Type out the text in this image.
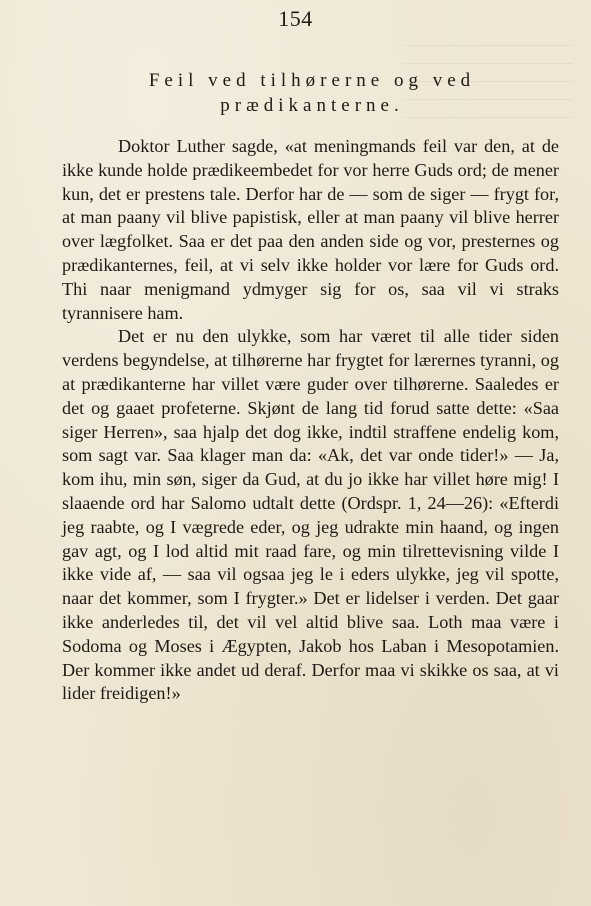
154
Feil ved tilhørerne og ved
prædikanterne.

Doktor Luther sagde, «at meningmands feil var den, at de ikke kunde holde prædikeembedet for vor herre Guds ord; de mener kun, det er prestens tale. Derfor har de — som de siger — frygt for, at man paany vil blive papistisk, eller at man paany vil blive herrer over lægfolket. Saa er det paa den anden side og vor, presternes og prædikanternes, feil, at vi selv ikke holder vor lære for Guds ord. Thi naar menigmand ydmyger sig for os, saa vil vi straks tyrannisere ham.

Det er nu den ulykke, som har været til alle tider siden verdens begyndelse, at tilhørerne har frygtet for lærernes tyranni, og at prædikanterne har villet være guder over tilhørerne. Saaledes er det og gaaet profeterne. Skjønt de lang tid forud satte dette: «Saa siger Herren», saa hjalp det dog ikke, indtil straffene endelig kom, som sagt var. Saa klager man da: «Ak, det var onde tider!» — Ja, kom ihu, min søn, siger da Gud, at du jo ikke har villet høre mig! I slaaende ord har Salomo udtalt dette (Ordspr. 1, 24—26): «Efterdi jeg raabte, og I vægrede eder, og jeg udrakte min haand, og ingen gav agt, og I lod altid mit raad fare, og min tilrettevisning vilde I ikke vide af, — saa vil ogsaa jeg le i eders ulykke, jeg vil spotte, naar det kommer, som I frygter.» Det er lidelser i verden. Det gaar ikke anderledes til, det vil vel altid blive saa. Loth maa være i Sodoma og Moses i Ægypten, Jakob hos Laban i Mesopotamien. Der kommer ikke andet ud deraf. Derfor maa vi skikke os saa, at vi lider freidigen!»
